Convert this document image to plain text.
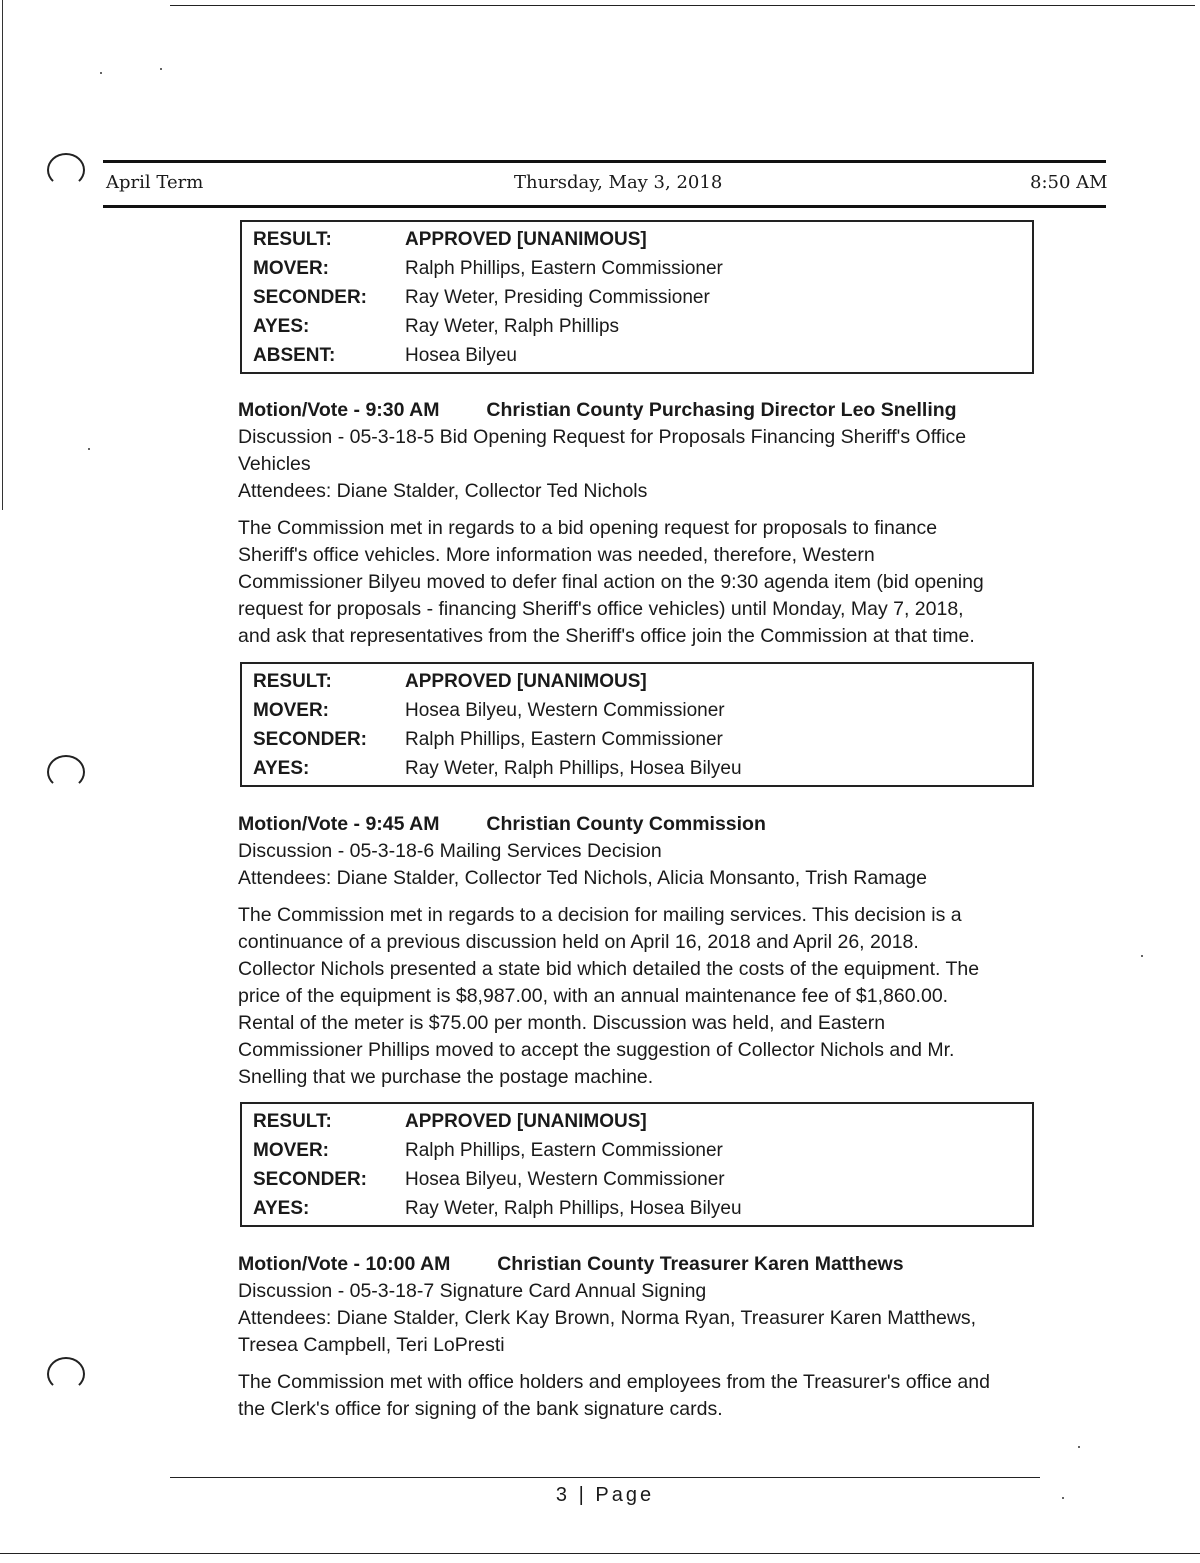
April Term	Thursday, May 3, 2018	8:50 AM
RESULT:	APPROVED [UNANIMOUS]
MOVER:	Ralph Phillips, Eastern Commissioner
SECONDER:	Ray Weter, Presiding Commissioner
AYES:	Ray Weter, Ralph Phillips
ABSENT:	Hosea Bilyeu
Motion/Vote - 9:30 AM Christian County Purchasing Director Leo Snelling
Discussion - 05-3-18-5 Bid Opening Request for Proposals Financing Sheriff's Office
Vehicles
Attendees: Diane Stalder, Collector Ted Nichols
The Commission met in regards to a bid opening request for proposals to finance
Sheriff's office vehicles. More information was needed, therefore, Western
Commissioner Bilyeu moved to defer final action on the 9:30 agenda item (bid opening
request for proposals - financing Sheriff's office vehicles) until Monday, May 7, 2018,
and ask that representatives from the Sheriff's office join the Commission at that time.
RESULT:	APPROVED [UNANIMOUS]
MOVER:	Hosea Bilyeu, Western Commissioner
SECONDER:	Ralph Phillips, Eastern Commissioner
AYES:	Ray Weter, Ralph Phillips, Hosea Bilyeu
Motion/Vote - 9:45 AM Christian County Commission
Discussion - 05-3-18-6 Mailing Services Decision
Attendees: Diane Stalder, Collector Ted Nichols, Alicia Monsanto, Trish Ramage
The Commission met in regards to a decision for mailing services. This decision is a
continuance of a previous discussion held on April 16, 2018 and April 26, 2018.
Collector Nichols presented a state bid which detailed the costs of the equipment. The
price of the equipment is $8,987.00, with an annual maintenance fee of $1,860.00.
Rental of the meter is $75.00 per month. Discussion was held, and Eastern
Commissioner Phillips moved to accept the suggestion of Collector Nichols and Mr.
Snelling that we purchase the postage machine.
RESULT:	APPROVED [UNANIMOUS]
MOVER:	Ralph Phillips, Eastern Commissioner
SECONDER:	Hosea Bilyeu, Western Commissioner
AYES:	Ray Weter, Ralph Phillips, Hosea Bilyeu
Motion/Vote - 10:00 AM Christian County Treasurer Karen Matthews
Discussion - 05-3-18-7 Signature Card Annual Signing
Attendees: Diane Stalder, Clerk Kay Brown, Norma Ryan, Treasurer Karen Matthews,
Tresea Campbell, Teri LoPresti
The Commission met with office holders and employees from the Treasurer's office and
the Clerk's office for signing of the bank signature cards.
3 | Page
